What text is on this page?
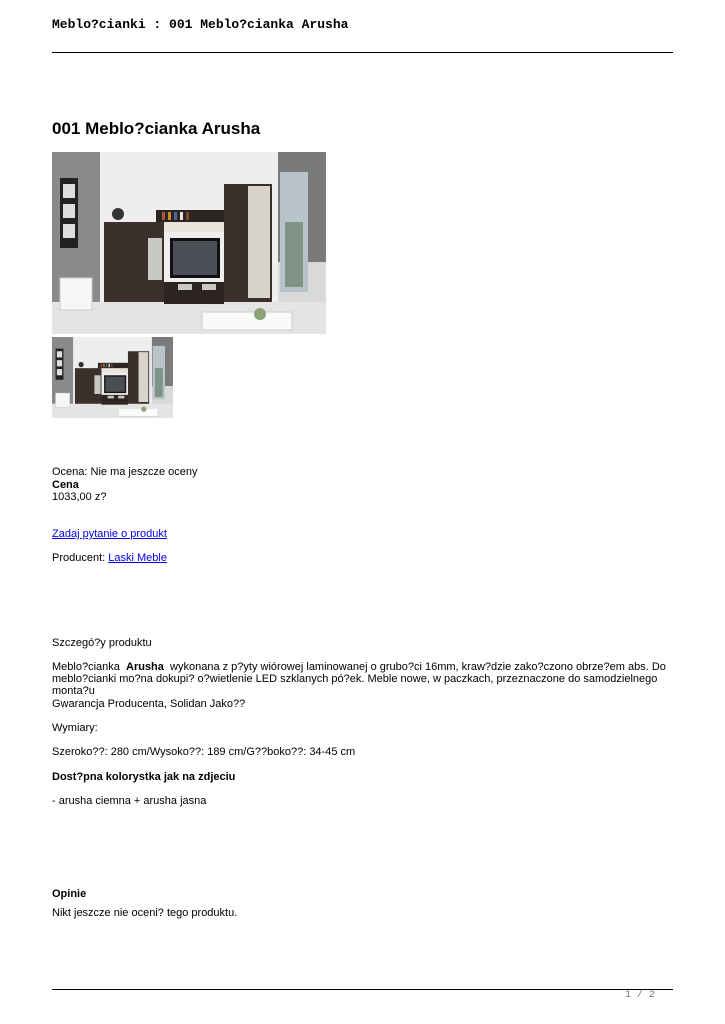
Meblo?cianki : 001 Meblo?cianka Arusha
001 Meblo?cianka Arusha
Ocena: Nie ma jeszcze oceny
Cena
1033,00 z?
Zadaj pytanie o produkt
Producent: Laski Meble
Szczegó?y produktu
Meblo?cianka Arusha wykonana z p?yty wiórowej laminowanej o grubo?ci 16mm, kraw?dzie zako?czono obrze?em abs. Do meblo?cianki mo?na dokupi? o?wietlenie LED szklanych pó?ek. Meble nowe, w paczkach, przeznaczone do samodzielnego monta?u
Gwarancja Producenta, Solidan Jako??
Wymiary:
Szeroko??: 280 cm/Wysoko??: 189 cm/G??boko??: 34-45 cm
Dost?pna kolorystka jak na zdjeciu
- arusha ciemna + arusha jasna
Opinie
Nikt jeszcze nie oceni? tego produktu.
1 / 2
